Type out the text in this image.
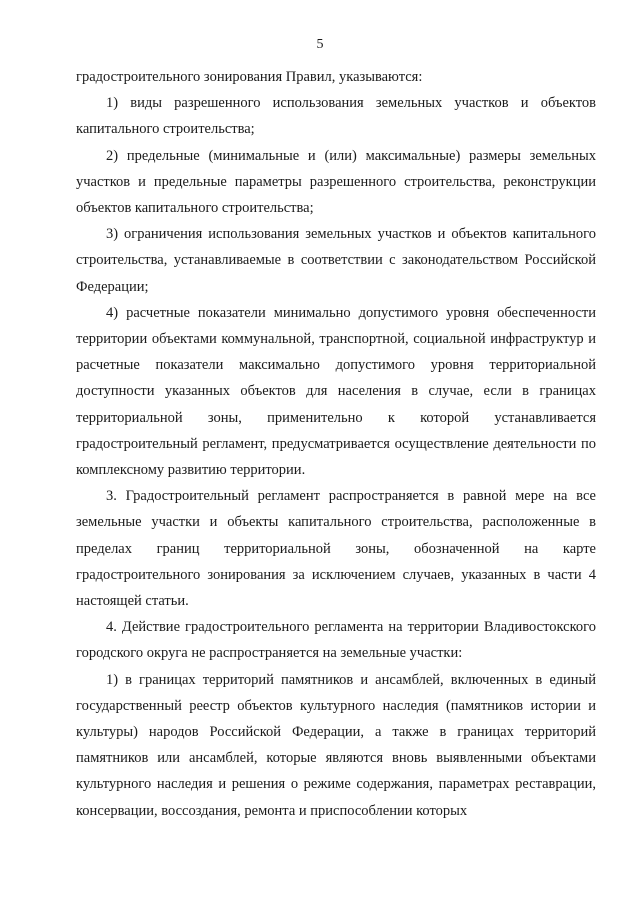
5

градостроительного зонирования Правил, указываются:

1) виды разрешенного использования земельных участков и объектов капитального строительства;

2) предельные (минимальные и (или) максимальные) размеры земельных участков и предельные параметры разрешенного строительства, реконструкции объектов капитального строительства;

3) ограничения использования земельных участков и объектов капитального строительства, устанавливаемые в соответствии с законодательством Российской Федерации;

4) расчетные показатели минимально допустимого уровня обеспеченности территории объектами коммунальной, транспортной, социальной инфраструктур и расчетные показатели максимально допустимого уровня территориальной доступности указанных объектов для населения в случае, если в границах территориальной зоны, применительно к которой устанавливается градостроительный регламент, предусматривается осуществление деятельности по комплексному развитию территории.

3. Градостроительный регламент распространяется в равной мере на все земельные участки и объекты капитального строительства, расположенные в пределах границ территориальной зоны, обозначенной на карте градостроительного зонирования за исключением случаев, указанных в части 4 настоящей статьи.

4. Действие градостроительного регламента на территории Владивостокского городского округа не распространяется на земельные участки:

1) в границах территорий памятников и ансамблей, включенных в единый государственный реестр объектов культурного наследия (памятников истории и культуры) народов Российской Федерации, а также в границах территорий памятников или ансамблей, которые являются вновь выявленными объектами культурного наследия и решения о режиме содержания, параметрах реставрации, консервации, воссоздания, ремонта и приспособлении которых
